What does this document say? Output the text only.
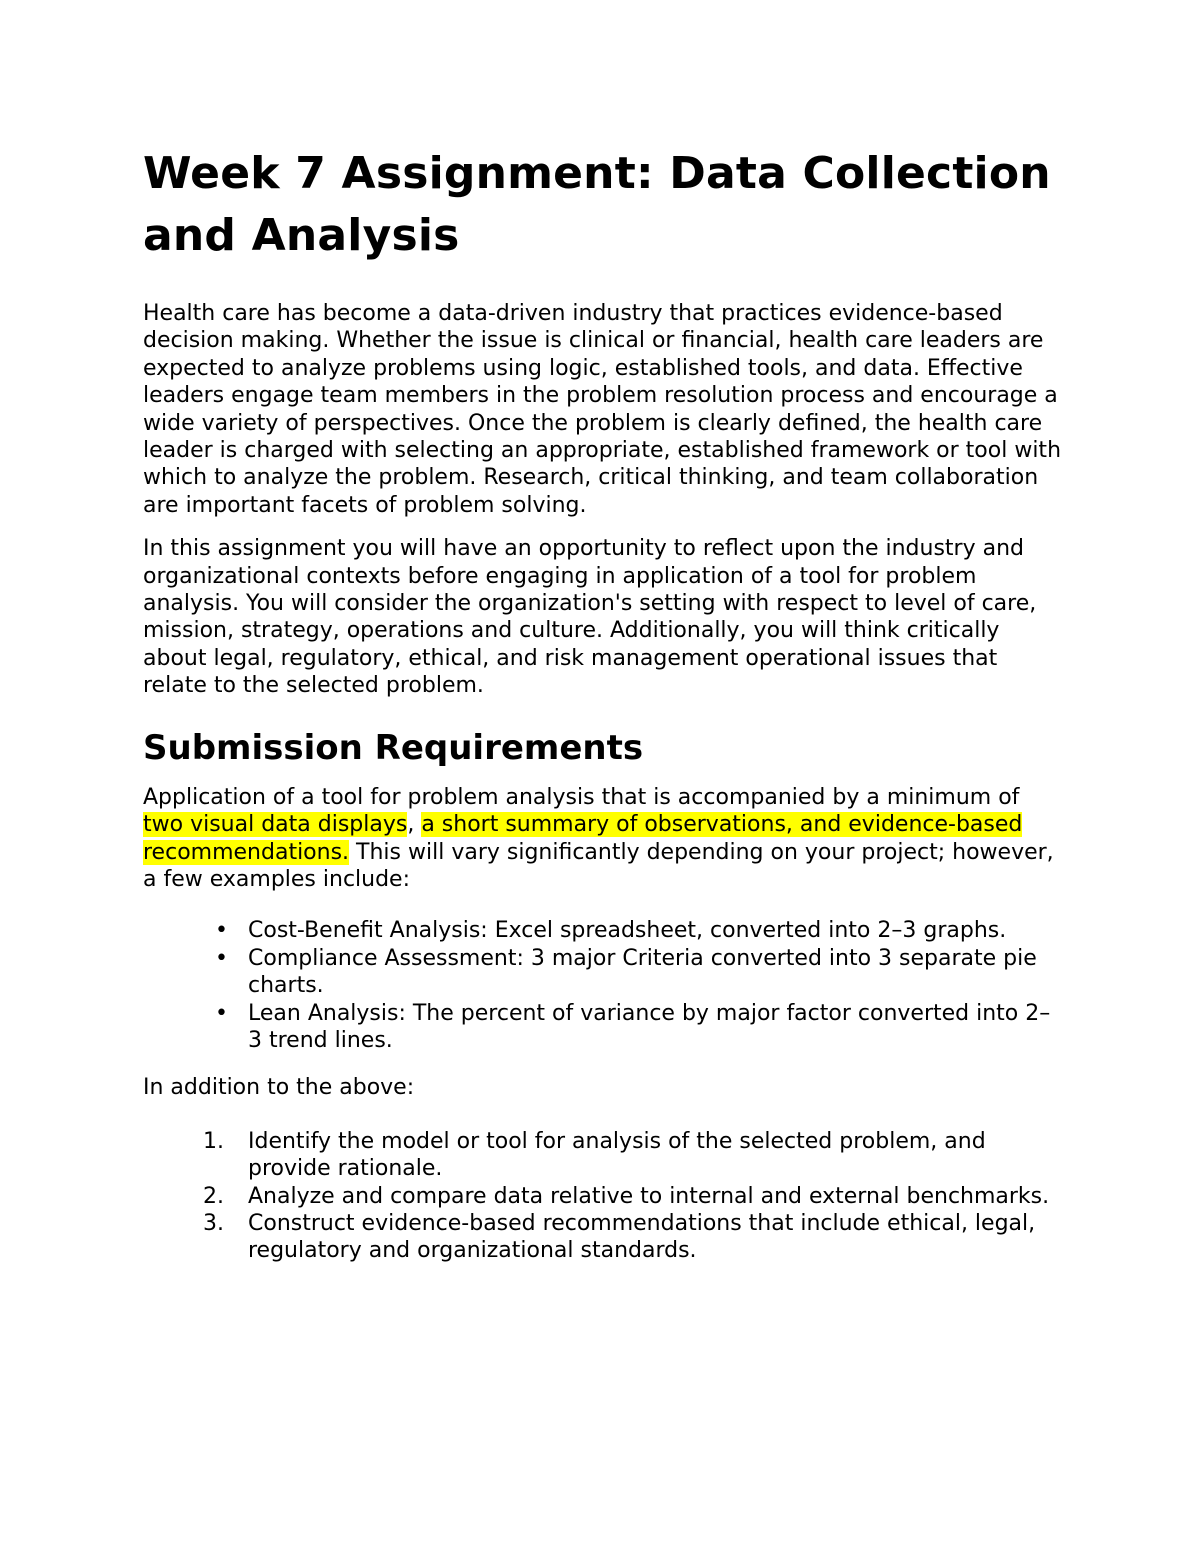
Week 7 Assignment: Data Collection and Analysis

Health care has become a data-driven industry that practices evidence-based decision making. Whether the issue is clinical or financial, health care leaders are expected to analyze problems using logic, established tools, and data. Effective leaders engage team members in the problem resolution process and encourage a wide variety of perspectives. Once the problem is clearly defined, the health care leader is charged with selecting an appropriate, established framework or tool with which to analyze the problem. Research, critical thinking, and team collaboration are important facets of problem solving.

In this assignment you will have an opportunity to reflect upon the industry and organizational contexts before engaging in application of a tool for problem analysis. You will consider the organization's setting with respect to level of care, mission, strategy, operations and culture. Additionally, you will think critically about legal, regulatory, ethical, and risk management operational issues that relate to the selected problem.

Submission Requirements

Application of a tool for problem analysis that is accompanied by a minimum of two visual data displays, a short summary of observations, and evidence-based recommendations. This will vary significantly depending on your project; however, a few examples include:

• Cost-Benefit Analysis: Excel spreadsheet, converted into 2–3 graphs.
• Compliance Assessment: 3 major Criteria converted into 3 separate pie charts.
• Lean Analysis: The percent of variance by major factor converted into 2–3 trend lines.

In addition to the above:

1.	Identify the model or tool for analysis of the selected problem, and provide rationale.
2.	Analyze and compare data relative to internal and external benchmarks.
3.	Construct evidence-based recommendations that include ethical, legal, regulatory and organizational standards.
